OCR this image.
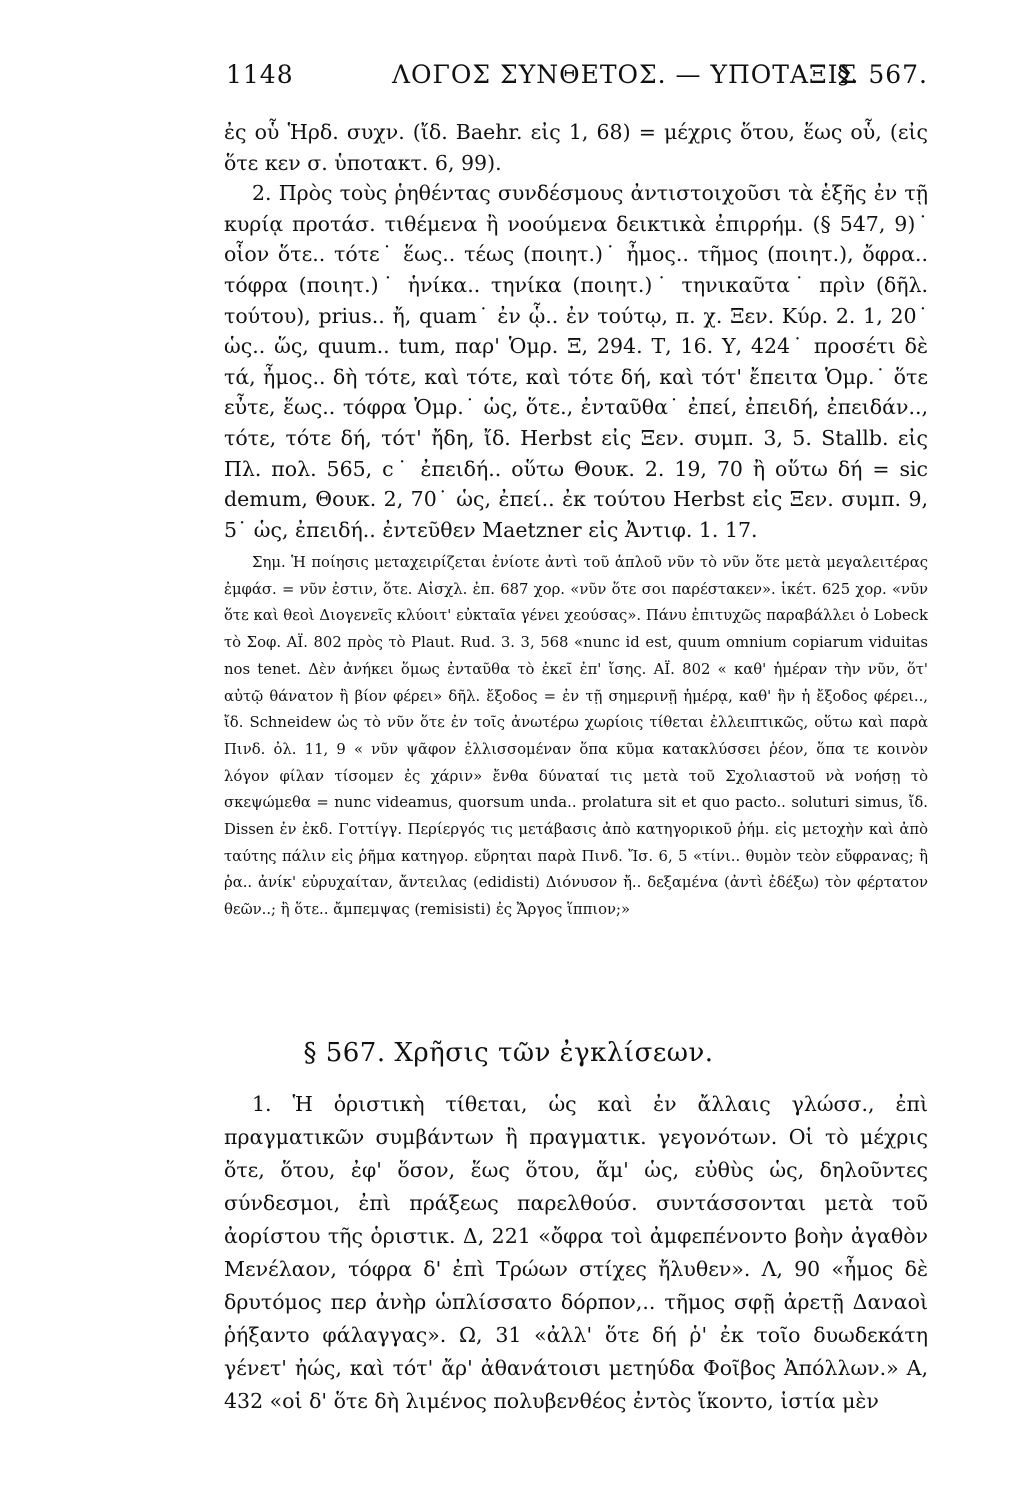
1148	ΛΟΓΟΣ ΣΥΝΘΕΤΟΣ. — ΥΠΟΤΑΞΙΣ
§. 567.

ἐς οὗ Ἡρδ. συχν. (ἴδ. Baehr. εἰς 1, 68) = μέχρις ὅτου, ἕως οὗ, (εἰς ὅτε κεν σ. ὑποτακτ. 6, 99).

2. Πρὸς τοὺς ῥηθέντας συνδέσμους ἀντιστοιχοῦσι τὰ ἑξῆς ἐν τῇ κυρίᾳ προτάσ. τιθέμενα ἢ νοούμενα δεικτικὰ ἐπιρρήμ. (§ 547, 9)˙ οἷον ὅτε.. τότε˙ ἕως.. τέως (ποιητ.)˙ ἦμος.. τῆμος (ποιητ.), ὄφρα.. τόφρα (ποιητ.)˙ ἡνίκα.. τηνίκα (ποιητ.)˙ τηνικαῦτα˙ πρὶν (δῆλ. τούτου), prius.. ἤ, quam˙ ἐν ᾧ.. ἐν τούτῳ, π. χ. Ξεν. Κύρ. 2. 1, 20˙ ὡς.. ὥς, quum.. tum, παρ' Ὁμρ. Ξ, 294. Τ, 16. Υ, 424˙ προσέτι δὲ τά, ἦμος.. δὴ τότε, καὶ τότε, καὶ τότε δή, καὶ τότ' ἔπειτα Ὁμρ.˙ ὅτε εὖτε, ἕως.. τόφρα Ὁμρ.˙ ὡς, ὅτε., ἐνταῦθα˙ ἐπεί, ἐπειδή, ἐπειδάν.., τότε, τότε δή, τότ' ἤδη, ἴδ. Herbst εἰς Ξεν. συμπ. 3, 5. Stallb. εἰς Πλ. πολ. 565, c˙ ἐπειδή.. οὕτω Θουκ. 2. 19, 70 ἢ οὕτω δή = sic demum, Θουκ. 2, 70˙ ὡς, ἐπεί.. ἐκ τούτου Herbst εἰς Ξεν. συμπ. 9, 5˙ ὡς, ἐπειδή.. ἐντεῦθεν Maetzner εἰς Ἀντιφ. 1. 17.

Σημ. Ἡ ποίησις μεταχειρίζεται ἐνίοτε ἀντὶ τοῦ ἁπλοῦ νῦν τὸ νῦν ὅτε μετὰ μεγαλειτέρας ἐμφάσ. = νῦν ἐστιν, ὅτε. Αἰσχλ. ἐπ. 687 χορ. «νῦν ὅτε σοι παρέστακεν». ἱκέτ. 625 χορ. «νῦν ὅτε καὶ θεοὶ Διογενεῖς κλύοιτ' εὐκταῖα γένει χεούσας». Πάνυ ἐπιτυχῶς παραβάλλει ὁ Lobeck τὸ Σοφ. ΑΪ. 802 πρὸς τὸ Plaut. Rud. 3. 3, 568 «nunc id est, quum omnium copiarum viduitas nos tenet. Δὲν ἀνήκει ὅμως ἐνταῦθα τὸ ἐκεῖ ἐπ' ἴσης. ΑΪ. 802 « καθ' ἡμέραν τὴν νῦν, ὅτ' αὐτῷ θάνατον ἢ βίον φέρει» δῆλ. ἔξοδος = ἐν τῇ σημερινῇ ἡμέρᾳ, καθ' ἣν ἡ ἔξοδος φέρει.., ἴδ. Schneidew ὡς τὸ νῦν ὅτε ἐν τοῖς ἀνωτέρω χωρίοις τίθεται ἐλλειπτικῶς, οὕτω καὶ παρὰ Πινδ. ὀλ. 11, 9 « νῦν ψᾶφον ἑλλισσομέναν ὅπα κῦμα κατακλύσσει ῥέον, ὅπα τε κοινὸν λόγον φίλαν τίσομεν ἐς χάριν» ἔνθα δύναταί τις μετὰ τοῦ Σχολιαστοῦ νὰ νοήσῃ τὸ σκεψώμεθα = nunc videamus, quorsum unda.. prolatura sit et quo pacto.. soluturi simus, ἴδ. Dissen ἐν ἐκδ. Γοττίγγ. Περίεργός τις μετάβασις ἀπὸ κατηγορικοῦ ῥήμ. εἰς μετοχὴν καὶ ἀπὸ ταύτης πάλιν εἰς ῥῆμα κατηγορ. εὕρηται παρὰ Πινδ. Ἴσ. 6, 5 «τίνι.. θυμὸν τεὸν εὔφρανας; ἢ ῥα.. ἀνίκ' εὐρυχαίταν, ἄντειλας (edidisti) Διόνυσον ἤ.. δεξαμένα (ἀντὶ ἐδέξω) τὸν φέρτατον θεῶν..; ἢ ὅτε.. ἄμπεμψας (remisisti) ἐς Ἄργος ἵππιον;»

§ 567. Χρῆσις τῶν ἐγκλίσεων.

1. Ἡ ὁριστικὴ τίθεται, ὡς καὶ ἐν ἄλλαις γλώσσ., ἐπὶ πραγματικῶν συμβάντων ἢ πραγματικ. γεγονότων. Οἱ τὸ μέχρις ὅτε, ὅτου, ἐφ' ὅσον, ἕως ὅτου, ἅμ' ὡς, εὐθὺς ὡς, δηλοῦντες σύνδεσμοι, ἐπὶ πράξεως παρελθούσ. συντάσσονται μετὰ τοῦ ἀορίστου τῆς ὁριστικ. Δ, 221 «ὄφρα τοὶ ἀμφεπένοντο βοὴν ἀγαθὸν Μενέλαον, τόφρα δ' ἐπὶ Τρώων στίχες ἤλυθεν». Λ, 90 «ἦμος δὲ δρυτόμος περ ἀνὴρ ὡπλίσσατο δόρπον,.. τῆμος σφῇ ἀρετῇ Δαναοὶ ῥήξαντο φάλαγγας». Ω, 31 «ἀλλ' ὅτε δή ῥ' ἐκ τοῖο δυωδεκάτη γένετ' ἠώς, καὶ τότ' ἄρ' ἀθανάτοισι μετηύδα Φοῖβος Ἀπόλλων.» Α, 432 «οἱ δ' ὅτε δὴ λιμένος πολυβενθέος ἐντὸς ἵκοντο, ἱστία μὲν
